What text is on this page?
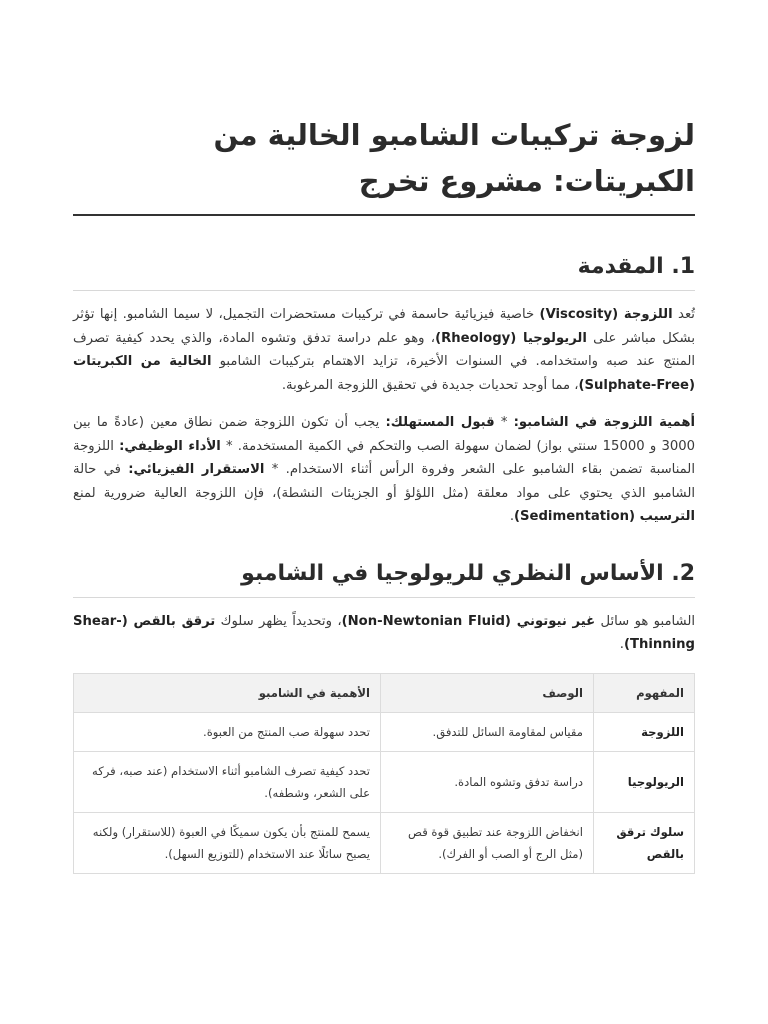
لزوجة تركيبات الشامبو الخالية من الكبريتات: مشروع تخرج
1. المقدمة

تُعد اللزوجة (Viscosity) خاصية فيزيائية حاسمة في تركيبات مستحضرات التجميل، لا سيما الشامبو. إنها تؤثر بشكل مباشر على الريولوجيا (Rheology)، وهو علم دراسة تدفق وتشوه المادة، والذي يحدد كيفية تصرف المنتج عند صبه واستخدامه. في السنوات الأخيرة، تزايد الاهتمام بتركيبات الشامبو الخالية من الكبريتات (Sulphate-Free)، مما أوجد تحديات جديدة في تحقيق اللزوجة المرغوبة.

أهمية اللزوجة في الشامبو: * قبول المستهلك: يجب أن تكون اللزوجة ضمن نطاق معين (عادةً ما بين 3000 و 15000 سنتي بواز) لضمان سهولة الصب والتحكم في الكمية المستخدمة. * الأداء الوظيفي: اللزوجة المناسبة تضمن بقاء الشامبو على الشعر وفروة الرأس أثناء الاستخدام. * الاستقرار الفيزيائي: في حالة الشامبو الذي يحتوي على مواد معلقة (مثل اللؤلؤ أو الجزيئات النشطة)، فإن اللزوجة العالية ضرورية لمنع الترسيب (Sedimentation).

2. الأساس النظري للريولوجيا في الشامبو

الشامبو هو سائل غير نيوتوني (Non-Newtonian Fluid)، وتحديداً يظهر سلوك ترقق بالقص (Shear-Thinning).

المفهوم	الوصف	الأهمية في الشامبو
اللزوجة	مقياس لمقاومة السائل للتدفق.	تحدد سهولة صب المنتج من العبوة.
الريولوجيا	دراسة تدفق وتشوه المادة.	تحدد كيفية تصرف الشامبو أثناء الاستخدام (عند صبه، فركه على الشعر، وشطفه).
سلوك ترقق بالقص	انخفاض اللزوجة عند تطبيق قوة قص (مثل الرج أو الصب أو الفرك).	يسمح للمنتج بأن يكون سميكًا في العبوة (للاستقرار) ولكنه يصبح سائلًا عند الاستخدام (للتوزيع السهل).
